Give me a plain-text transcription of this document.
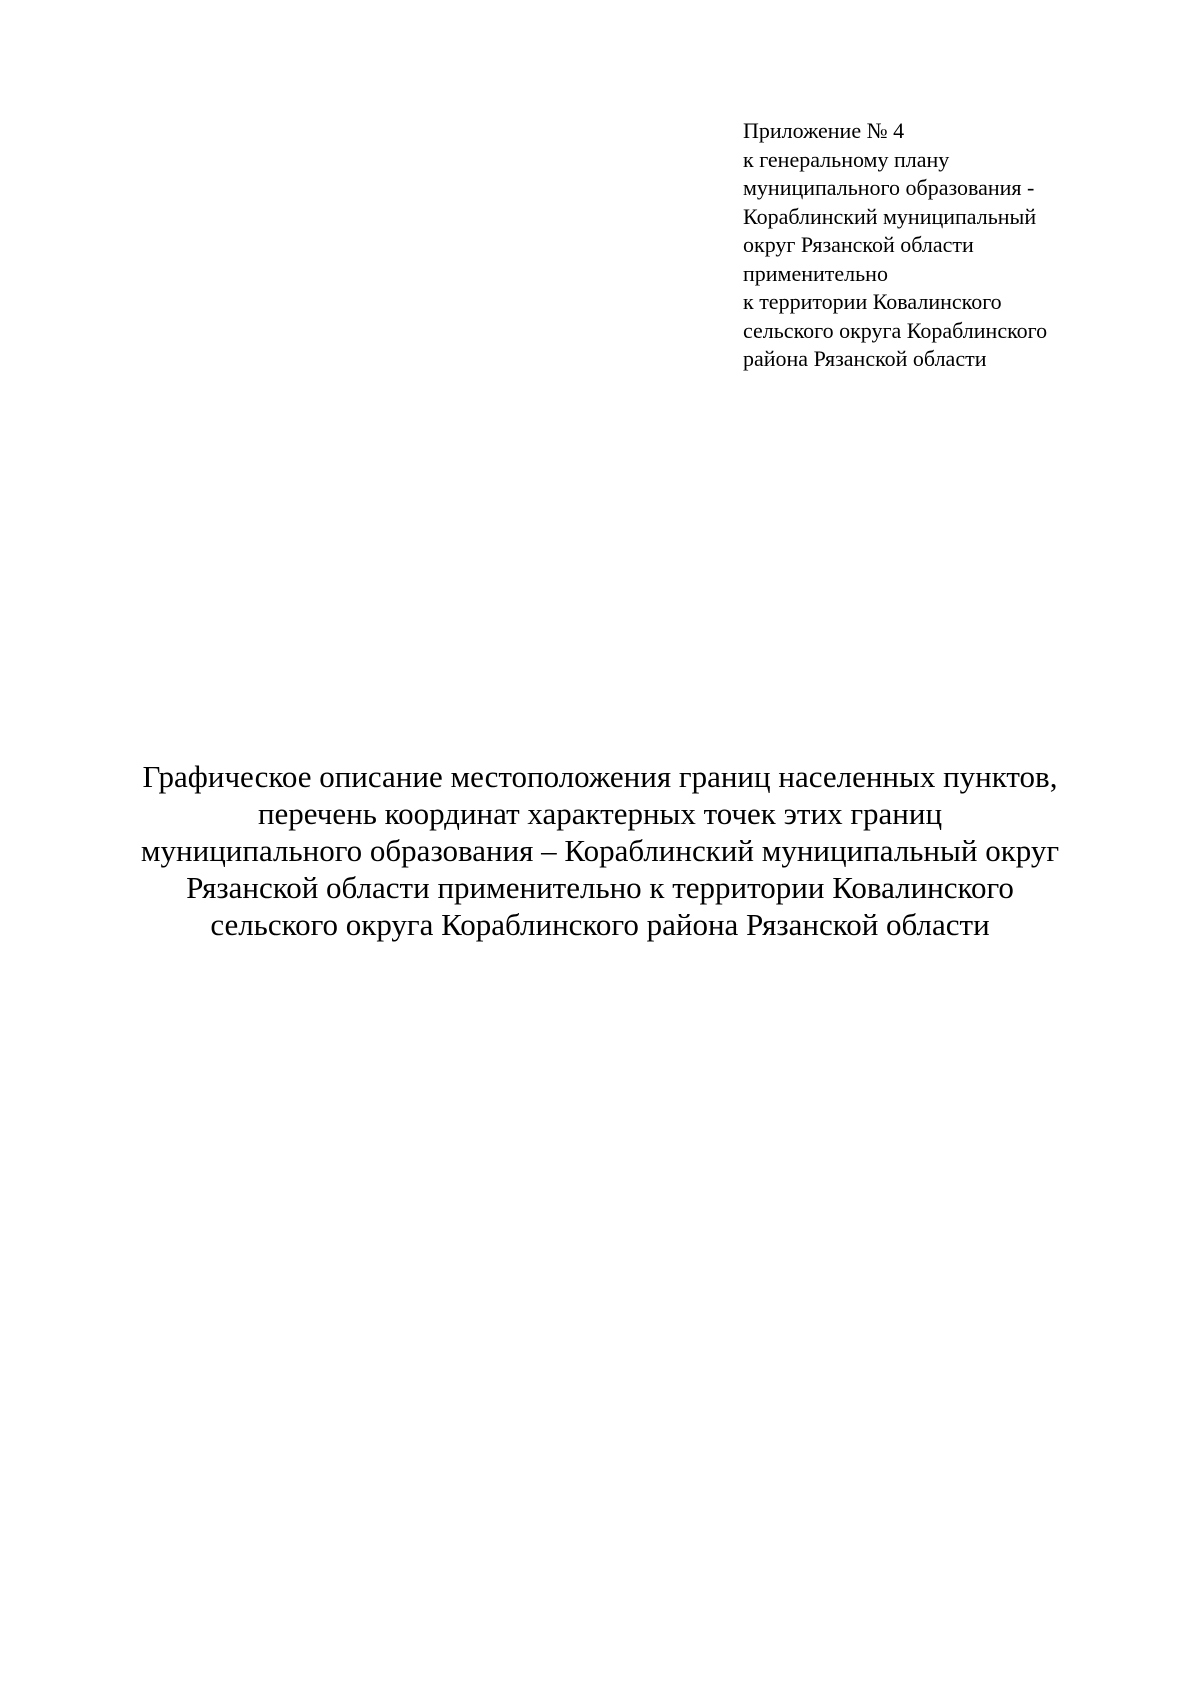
Приложение № 4
к генеральному плану
муниципального образования -
Кораблинский муниципальный
округ Рязанской области
применительно
к территории Ковалинского
сельского округа Кораблинского
района Рязанской области
Графическое описание местоположения границ населенных пунктов,
перечень координат характерных точек этих границ
муниципального образования – Кораблинский муниципальный округ
Рязанской области применительно к территории Ковалинского
сельского округа Кораблинского района Рязанской области
